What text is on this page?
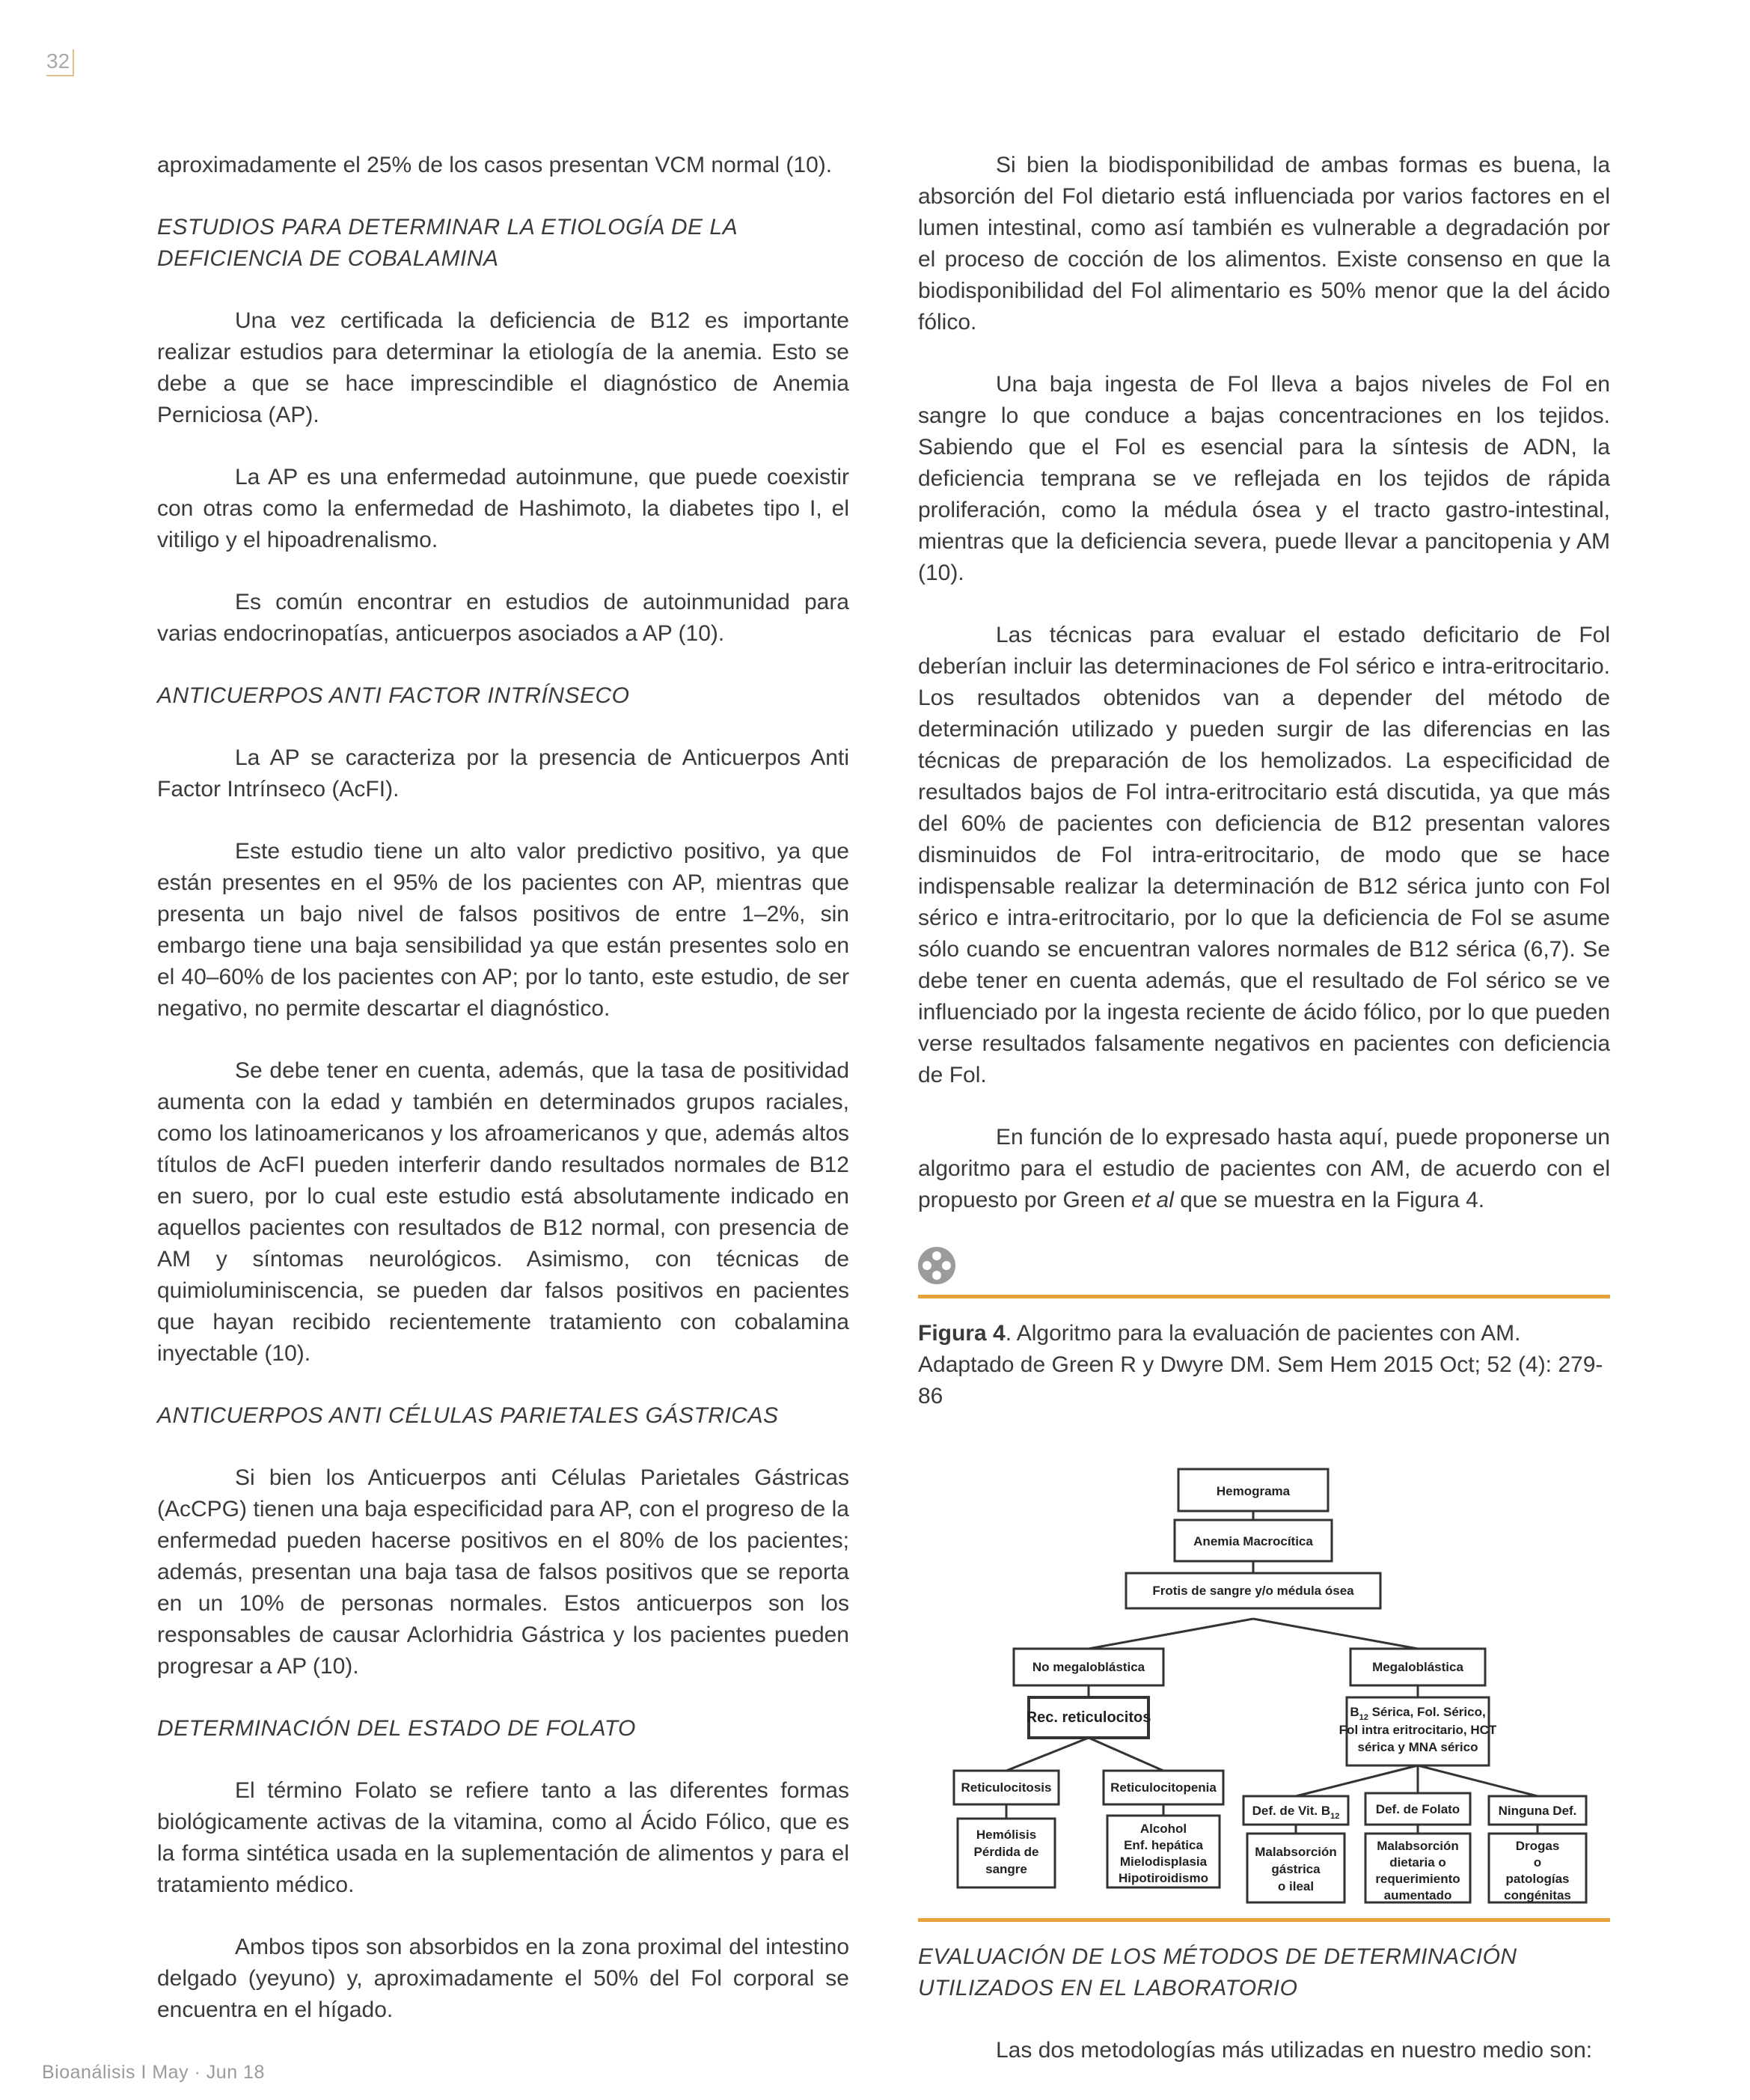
32

aproximadamente el 25% de los casos presentan VCM normal (10).

ESTUDIOS PARA DETERMINAR LA ETIOLOGÍA DE LA DEFICIENCIA DE COBALAMINA

Una vez certificada la deficiencia de B12 es importante realizar estudios para determinar la etiología de la anemia. Esto se debe a que se hace imprescindible el diagnóstico de Anemia Perniciosa (AP).

La AP es una enfermedad autoinmune, que puede coexistir con otras como la enfermedad de Hashimoto, la diabetes tipo I, el vitiligo y el hipoadrenalismo.

Es común encontrar en estudios de autoinmunidad para varias endocrinopatías, anticuerpos asociados a AP (10).

ANTICUERPOS ANTI FACTOR INTRÍNSECO

La AP se caracteriza por la presencia de Anticuerpos Anti Factor Intrínseco (AcFI).

Este estudio tiene un alto valor predictivo positivo, ya que están presentes en el 95% de los pacientes con AP, mientras que presenta un bajo nivel de falsos positivos de entre 1–2%, sin embargo tiene una baja sensibilidad ya que están presentes solo en el 40–60% de los pacientes con AP; por lo tanto, este estudio, de ser negativo, no permite descartar el diagnóstico.

Se debe tener en cuenta, además, que la tasa de positividad aumenta con la edad y también en determinados grupos raciales, como los latinoamericanos y los afroamericanos y que, además altos títulos de AcFI pueden interferir dando resultados normales de B12 en suero, por lo cual este estudio está absolutamente indicado en aquellos pacientes con resultados de B12 normal, con presencia de AM y síntomas neurológicos. Asimismo, con técnicas de quimioluminiscencia, se pueden dar falsos positivos en pacientes que hayan recibido recientemente tratamiento con cobalamina inyectable (10).

ANTICUERPOS ANTI CÉLULAS PARIETALES GÁSTRICAS

Si bien los Anticuerpos anti Células Parietales Gástricas (AcCPG) tienen una baja especificidad para AP, con el progreso de la enfermedad pueden hacerse positivos en el 80% de los pacientes; además, presentan una baja tasa de falsos positivos que se reporta en un 10% de personas normales. Estos anticuerpos son los responsables de causar Aclorhidria Gástrica y los pacientes pueden progresar a AP (10).

DETERMINACIÓN DEL ESTADO DE FOLATO

El término Folato se refiere tanto a las diferentes formas biológicamente activas de la vitamina, como al Ácido Fólico, que es la forma sintética usada en la suplementación de alimentos y para el tratamiento médico.

Ambos tipos son absorbidos en la zona proximal del intestino delgado (yeyuno) y, aproximadamente el 50% del Fol corporal se encuentra en el hígado.

Si bien la biodisponibilidad de ambas formas es buena, la absorción del Fol dietario está influenciada por varios factores en el lumen intestinal, como así también es vulnerable a degradación por el proceso de cocción de los alimentos. Existe consenso en que la biodisponibilidad del Fol alimentario es 50% menor que la del ácido fólico.

Una baja ingesta de Fol lleva a bajos niveles de Fol en sangre lo que conduce a bajas concentraciones en los tejidos. Sabiendo que el Fol es esencial para la síntesis de ADN, la deficiencia temprana se ve reflejada en los tejidos de rápida proliferación, como la médula ósea y el tracto gastro-intestinal, mientras que la deficiencia severa, puede llevar a pancitopenia y AM (10).

Las técnicas para evaluar el estado deficitario de Fol deberían incluir las determinaciones de Fol sérico e intra-eritrocitario. Los resultados obtenidos van a depender del método de determinación utilizado y pueden surgir de las diferencias en las técnicas de preparación de los hemolizados. La especificidad de resultados bajos de Fol intra-eritrocitario está discutida, ya que más del 60% de pacientes con deficiencia de B12 presentan valores disminuidos de Fol intra-eritrocitario, de modo que se hace indispensable realizar la determinación de B12 sérica junto con Fol sérico e intra-eritrocitario, por lo que la deficiencia de Fol se asume sólo cuando se encuentran valores normales de B12 sérica (6,7). Se debe tener en cuenta además, que el resultado de Fol sérico se ve influenciado por la ingesta reciente de ácido fólico, por lo que pueden verse resultados falsamente negativos en pacientes con deficiencia de Fol.

En función de lo expresado hasta aquí, puede proponerse un algoritmo para el estudio de pacientes con AM, de acuerdo con el propuesto por Green et al que se muestra en la Figura 4.

Figura 4. Algoritmo para la evaluación de pacientes con AM. Adaptado de Green R y Dwyre DM. Sem Hem 2015 Oct; 52 (4): 279-86

Hemograma
Anemia Macrocítica
Frotis de sangre y/o médula ósea
No megaloblástica	Megaloblástica
Rec. reticulocitos	$B_{12}$ Sérica, Fol. Sérico,
Fol intra eritrocitario, HCT
sérica y MNA sérico
Reticulocitosis	Reticulocitopenia
Def. de Vit. $B_{12}$	Def. de Folato	Ninguna Def.
Hemólisis
Pérdida de
sangre
Alcohol
Enf. hepática
Mielodisplasia
Hipotiroidismo
Malabsorción
gástrica
o ileal
Malabsorción
dietaria o
requerimiento
aumentado
Drogas
o
patologías
congénitas
EVALUACIÓN DE LOS MÉTODOS DE DETERMINACIÓN UTILIZADOS EN EL LABORATORIO

Las dos metodologías más utilizadas en nuestro medio son:

Bioanálisis I May · Jun 18
